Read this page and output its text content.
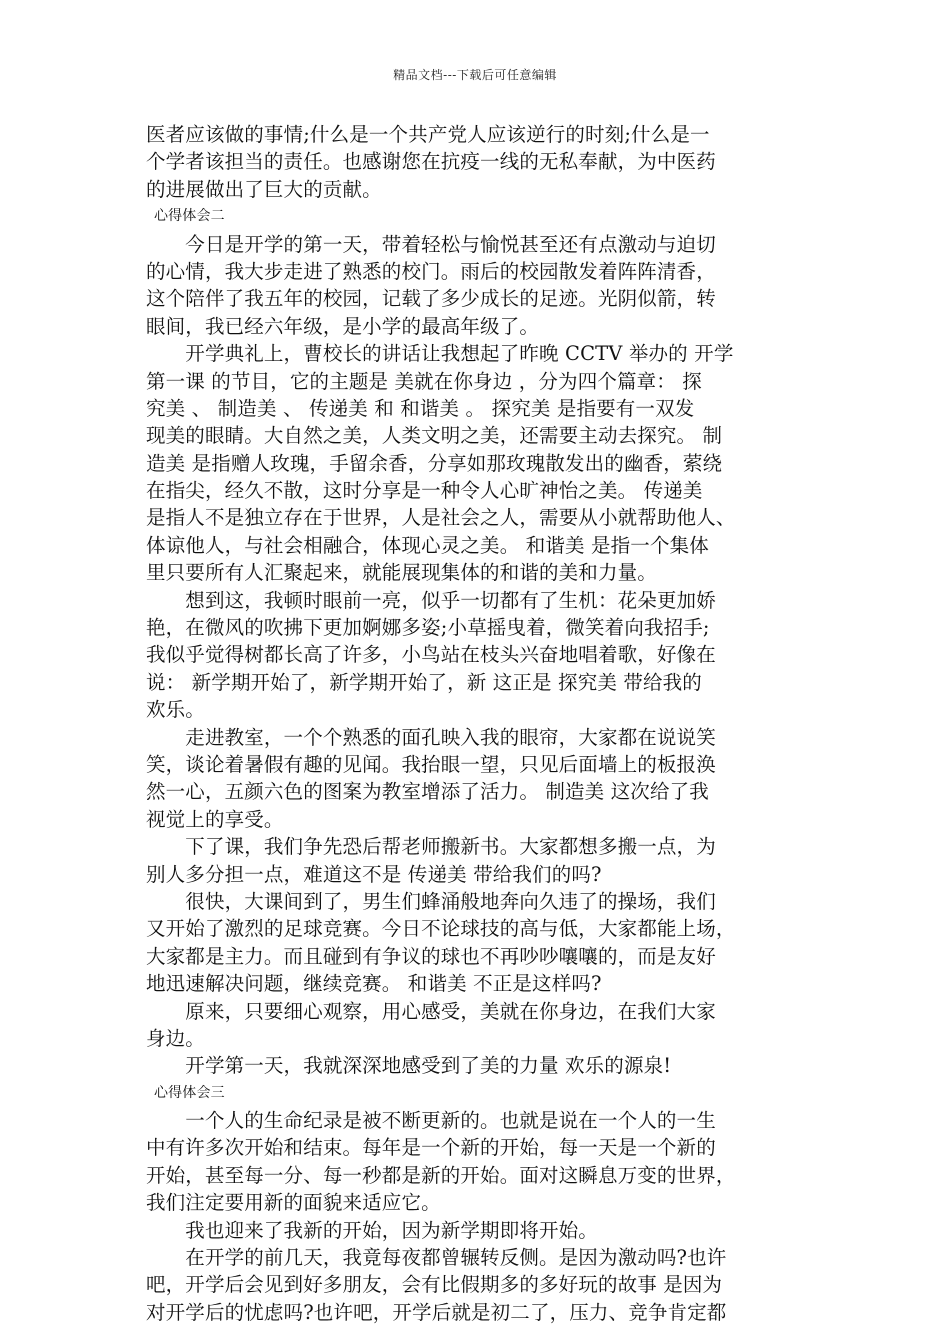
精品文档---下载后可任意编辑
医者应该做的事情;什么是一个共产党人应该逆行的时刻;什么是一
个学者该担当的责任。也感谢您在抗疫一线的无私奉献，为中医药
的进展做出了巨大的贡献。
心得体会二
　　今日是开学的第一天，带着轻松与愉悦甚至还有点激动与迫切
的心情，我大步走进了熟悉的校门。雨后的校园散发着阵阵清香，
这个陪伴了我五年的校园，记载了多少成长的足迹。光阴似箭，转
眼间，我已经六年级，是小学的最高年级了。
　　开学典礼上，曹校长的讲话让我想起了昨晚 CCTV 举办的 开学
第一课 的节目，它的主题是 美就在你身边 ，分为四个篇章： 探
究美 、 制造美 、 传递美 和 和谐美 。 探究美 是指要有一双发
现美的眼睛。大自然之美，人类文明之美，还需要主动去探究。 制
造美 是指赠人玫瑰，手留余香，分享如那玫瑰散发出的幽香，萦绕
在指尖，经久不散，这时分享是一种令人心旷神怡之美。 传递美
是指人不是独立存在于世界，人是社会之人，需要从小就帮助他人、
体谅他人，与社会相融合，体现心灵之美。 和谐美 是指一个集体
里只要所有人汇聚起来，就能展现集体的和谐的美和力量。
　　想到这，我顿时眼前一亮，似乎一切都有了生机：花朵更加娇
艳，在微风的吹拂下更加婀娜多姿;小草摇曳着，微笑着向我招手;
我似乎觉得树都长高了许多，小鸟站在枝头兴奋地唱着歌，好像在
说： 新学期开始了，新学期开始了，新 这正是 探究美 带给我的
欢乐。
　　走进教室，一个个熟悉的面孔映入我的眼帘，大家都在说说笑
笑，谈论着暑假有趣的见闻。我抬眼一望，只见后面墙上的板报涣
然一心，五颜六色的图案为教室增添了活力。 制造美 这次给了我
视觉上的享受。
　　下了课，我们争先恐后帮老师搬新书。大家都想多搬一点，为
别人多分担一点，难道这不是 传递美 带给我们的吗?
　　很快，大课间到了，男生们蜂涌般地奔向久违了的操场，我们
又开始了激烈的足球竞赛。今日不论球技的高与低，大家都能上场，
大家都是主力。而且碰到有争议的球也不再吵吵嚷嚷的，而是友好
地迅速解决问题，继续竞赛。 和谐美 不正是这样吗?
　　原来，只要细心观察，用心感受，美就在你身边，在我们大家
身边。
　　开学第一天，我就深深地感受到了美的力量 欢乐的源泉!
心得体会三
　　一个人的生命纪录是被不断更新的。也就是说在一个人的一生
中有许多次开始和结束。每年是一个新的开始，每一天是一个新的
开始，甚至每一分、每一秒都是新的开始。面对这瞬息万变的世界，
我们注定要用新的面貌来适应它。
　　我也迎来了我新的开始，因为新学期即将开始。
　　在开学的前几天，我竟每夜都曾辗转反侧。是因为激动吗?也许
吧，开学后会见到好多朋友，会有比假期多的多好玩的故事 是因为
对开学后的忧虑吗?也许吧，开学后就是初二了，压力、竞争肯定都
